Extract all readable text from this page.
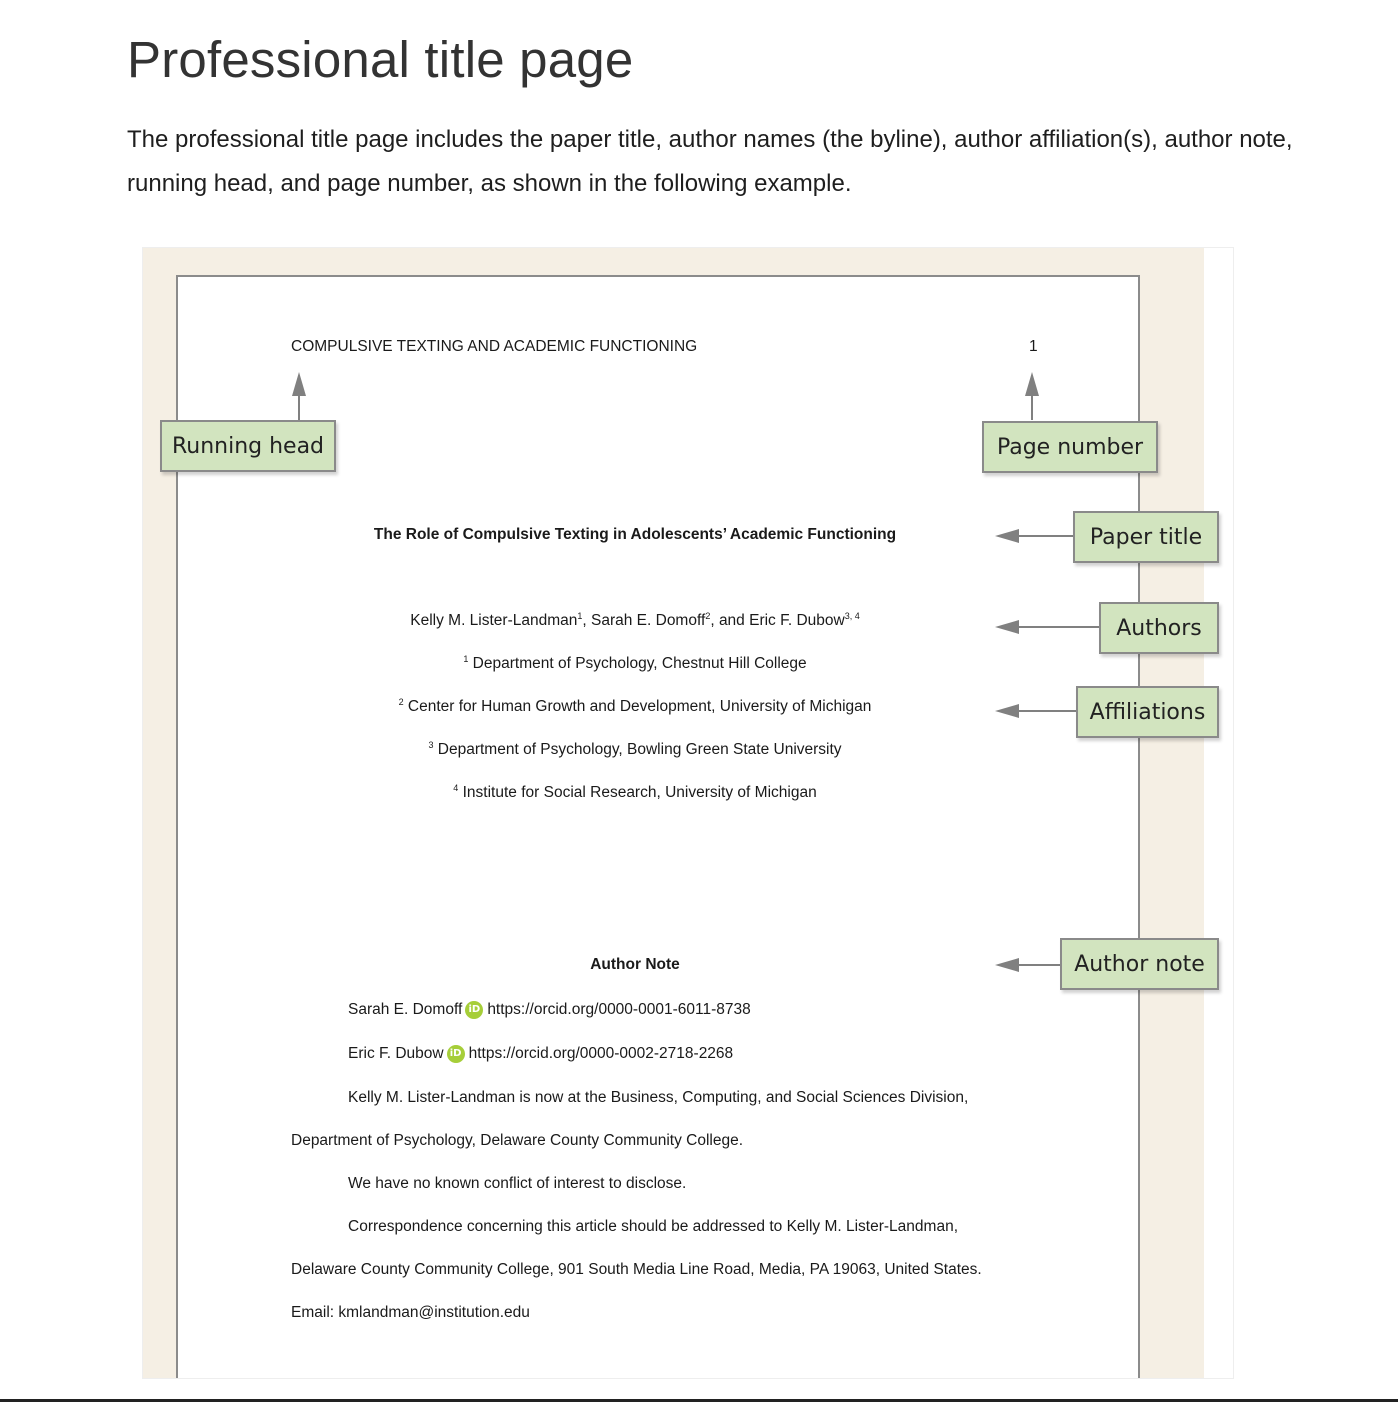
Professional title page

The professional title page includes the paper title, author names (the byline), author affiliation(s), author note, running head, and page number, as shown in the following example.

COMPULSIVE TEXTING AND ACADEMIC FUNCTIONING	1
The Role of Compulsive Texting in Adolescents’ Academic Functioning
Kelly M. Lister-Landman$^1$, Sarah E. Domoff$^2$, and Eric F. Dubow$^{3, 4}$
$^1$ Department of Psychology, Chestnut Hill College
$^2$ Center for Human Growth and Development, University of Michigan
$^3$ Department of Psychology, Bowling Green State University
$^4$ Institute for Social Research, University of Michigan
Author Note
Sarah E. Domoff iD https://orcid.org/0000-0001-6011-8738
Eric F. Dubow iD https://orcid.org/0000-0002-2718-2268
Kelly M. Lister-Landman is now at the Business, Computing, and Social Sciences Division,
Department of Psychology, Delaware County Community College.
We have no known conflict of interest to disclose.
Correspondence concerning this article should be addressed to Kelly M. Lister-Landman,
Delaware County Community College, 901 South Media Line Road, Media, PA 19063, United States.
Email: kmlandman@institution.edu
Running head	Page number
Paper title
Authors
Affiliations
Author note
